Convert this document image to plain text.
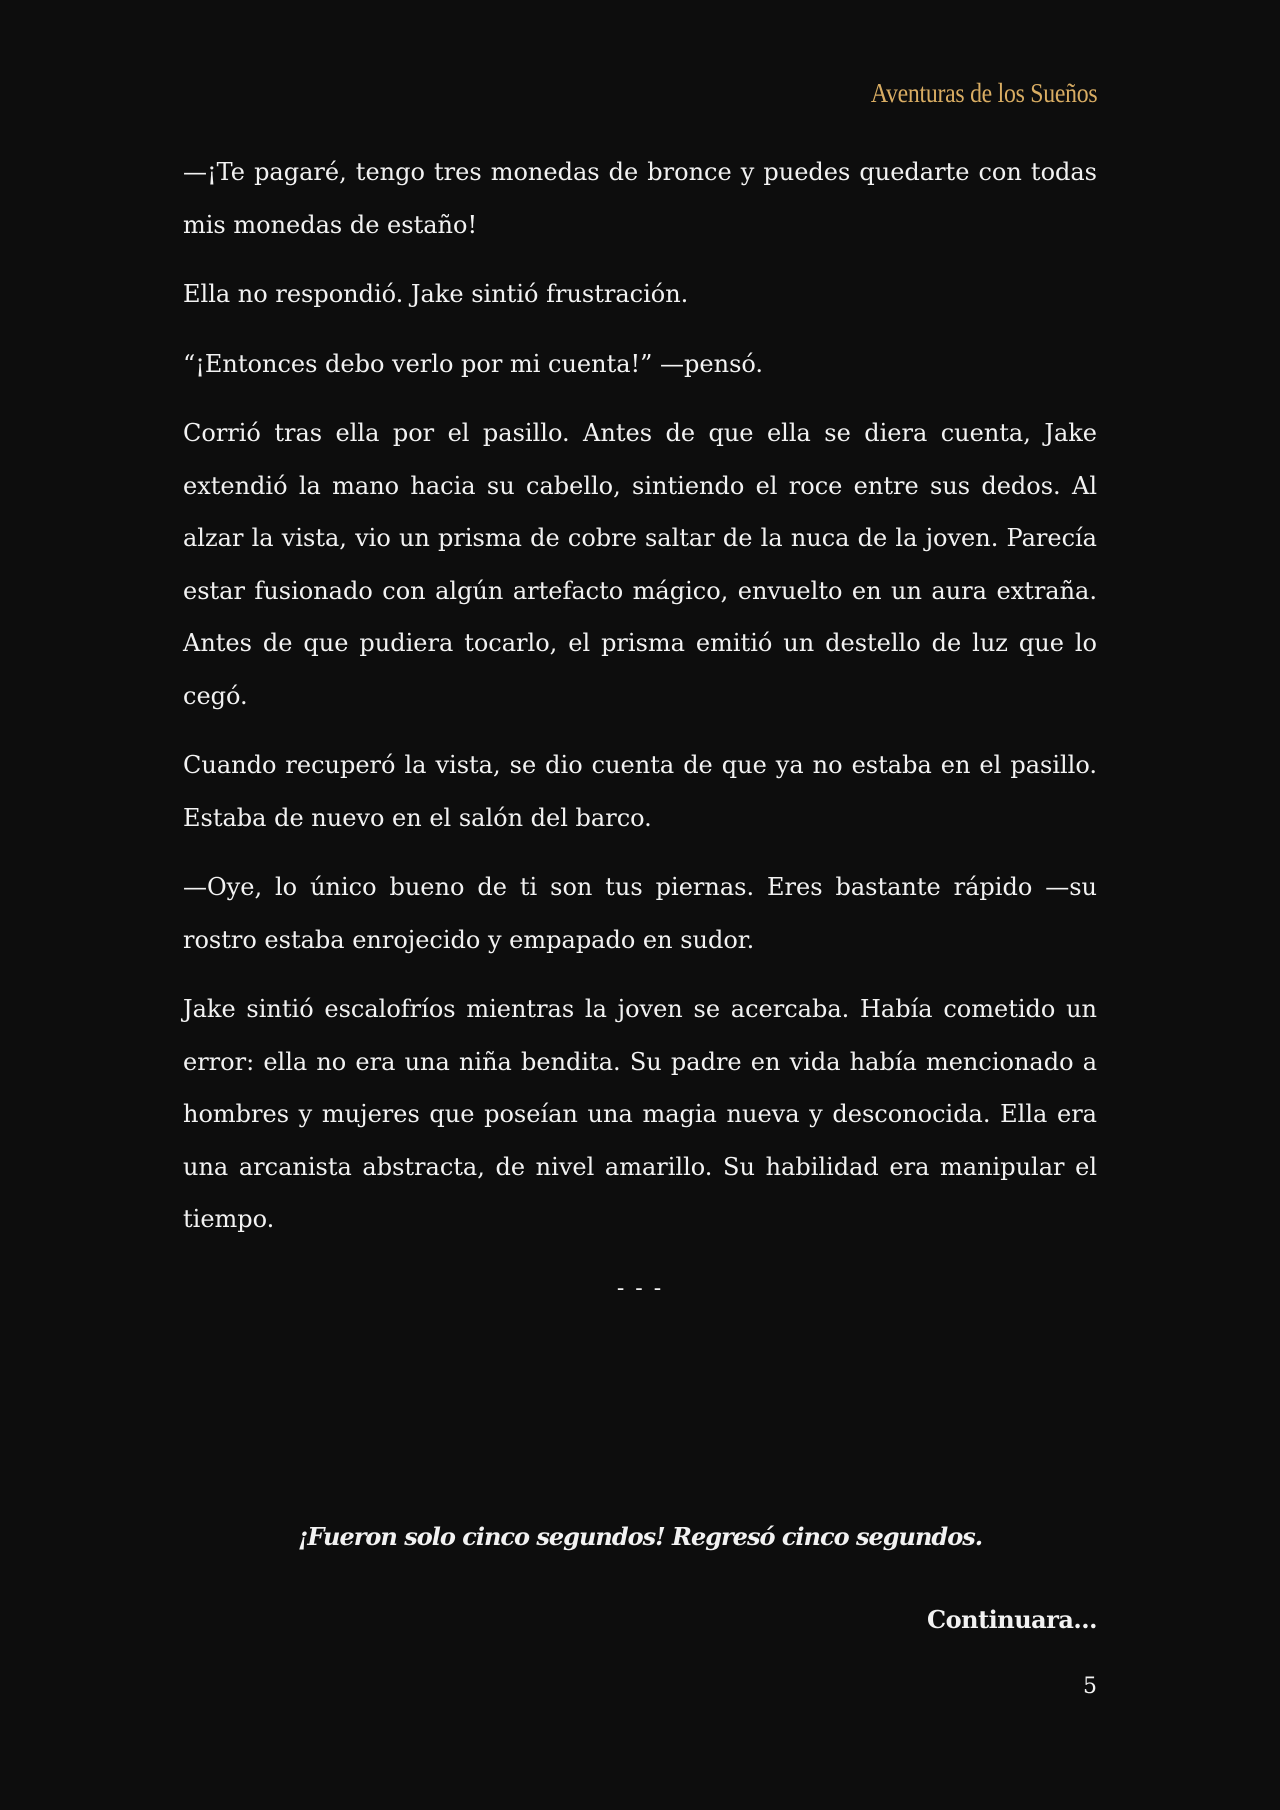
Aventuras de los Sueños

—¡Te pagaré, tengo tres monedas de bronce y puedes quedarte con todas mis monedas de estaño!

Ella no respondió. Jake sintió frustración.

“¡Entonces debo verlo por mi cuenta!” —pensó.

Corrió tras ella por el pasillo. Antes de que ella se diera cuenta, Jake extendió la mano hacia su cabello, sintiendo el roce entre sus dedos. Al alzar la vista, vio un prisma de cobre saltar de la nuca de la joven. Parecía estar fusionado con algún artefacto mágico, envuelto en un aura extraña. Antes de que pudiera tocarlo, el prisma emitió un destello de luz que lo cegó.

Cuando recuperó la vista, se dio cuenta de que ya no estaba en el pasillo. Estaba de nuevo en el salón del barco.

—Oye, lo único bueno de ti son tus piernas. Eres bastante rápido —su rostro estaba enrojecido y empapado en sudor.

Jake sintió escalofríos mientras la joven se acercaba. Había cometido un error: ella no era una niña bendita. Su padre en vida había mencionado a hombres y mujeres que poseían una magia nueva y desconocida. Ella era una arcanista abstracta, de nivel amarillo. Su habilidad era manipular el tiempo.

- - -
¡Fueron solo cinco segundos! Regresó cinco segundos.
Continuara...
5
